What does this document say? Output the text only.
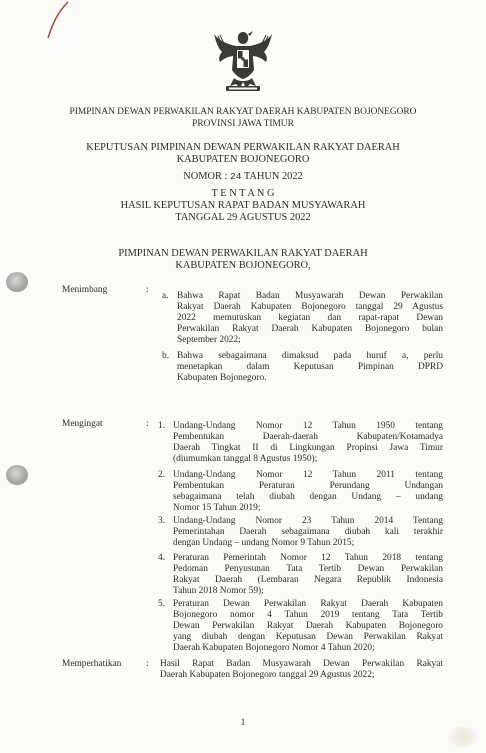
PIMPINAN DEWAN PERWAKILAN RAKYAT DAERAH KABUPATEN BOJONEGORO
PROVINSI JAWA TIMUR
KEPUTUSAN PIMPINAN DEWAN PERWAKILAN RAKYAT DAERAH
KABUPATEN BOJONEGORO
NOMOR : 24 TAHUN 2022
T E N T A N G
HASIL KEPUTUSAN RAPAT BADAN MUSYAWARAH
TANGGAL 29 AGUSTUS 2022
PIMPINAN DEWAN PERWAKILAN RAKYAT DAERAH
KABUPATEN BOJONEGORO,
Menimbang	:
a. Bahwa Rapat Badan Musyawarah Dewan Perwakilan
Rakyat Daerah Kabupaten Bojonegoro tanggal 29 Agustus
2022 memutuskan kegiatan dan rapat-rapat Dewan
Perwakilan Rakyat Daerah Kabupaten Bojonegoro bulan
September 2022;
b. Bahwa sebagaimana dimaksud pada huruf a, perlu
menetapkan dalam Keputusan Pimpinan DPRD
Kabupaten Bojonegoro.
Mengingat	: 1. Undang-Undang Nomor 12 Tahun 1950 tentang
Pembentukan Daerah-daerah Kabupaten/Kotamadya
Daerah Tingkat II di Lingkungan Propinsi Jawa Timur
(diumumkan tanggal 8 Agustus 1950);
2. Undang-Undang Nomor 12 Tahun 2011 tentang
Pembentukan Peraturan Perundang Undangan
sebagaimana telah diubah dengan Undang – undang
Nomor 15 Tahun 2019;
3. Undang-Undang Nomor 23 Tahun 2014 Tentang
Pemerintahan Daerah sebagaimana diubah kali terakhir
dengan Undang – undang Nomor 9 Tahun 2015;
4. Peraturan Pemerintah Nomor 12 Tahun 2018 tentang
Pedoman Penyusunan Tata Tertib Dewan Perwakilan
Rakyat Daerah (Lembaran Negara Republik Indonesia
Tahun 2018 Nomor 59);
5. Peraturan Dewan Perwakilan Rakyat Daerah Kabupaten
Bojonegoro nomor 4 Tahun 2019 tentang Tata Tertib
Dewan Perwakilan Rakyat Daerah Kabupaten Bojonegoro
yang diubah dengan Keputusan Dewan Perwakilan Rakyat
Daerah Kabupaten Bojonegoro Nomor 4 Tahun 2020;
Memperhatikan	: Hasil Rapat Badan Musyawarah Dewan Perwakilan Rakyat
Daerah Kabupaten Bojonegoro tanggal 29 Agustus 2022;
1
